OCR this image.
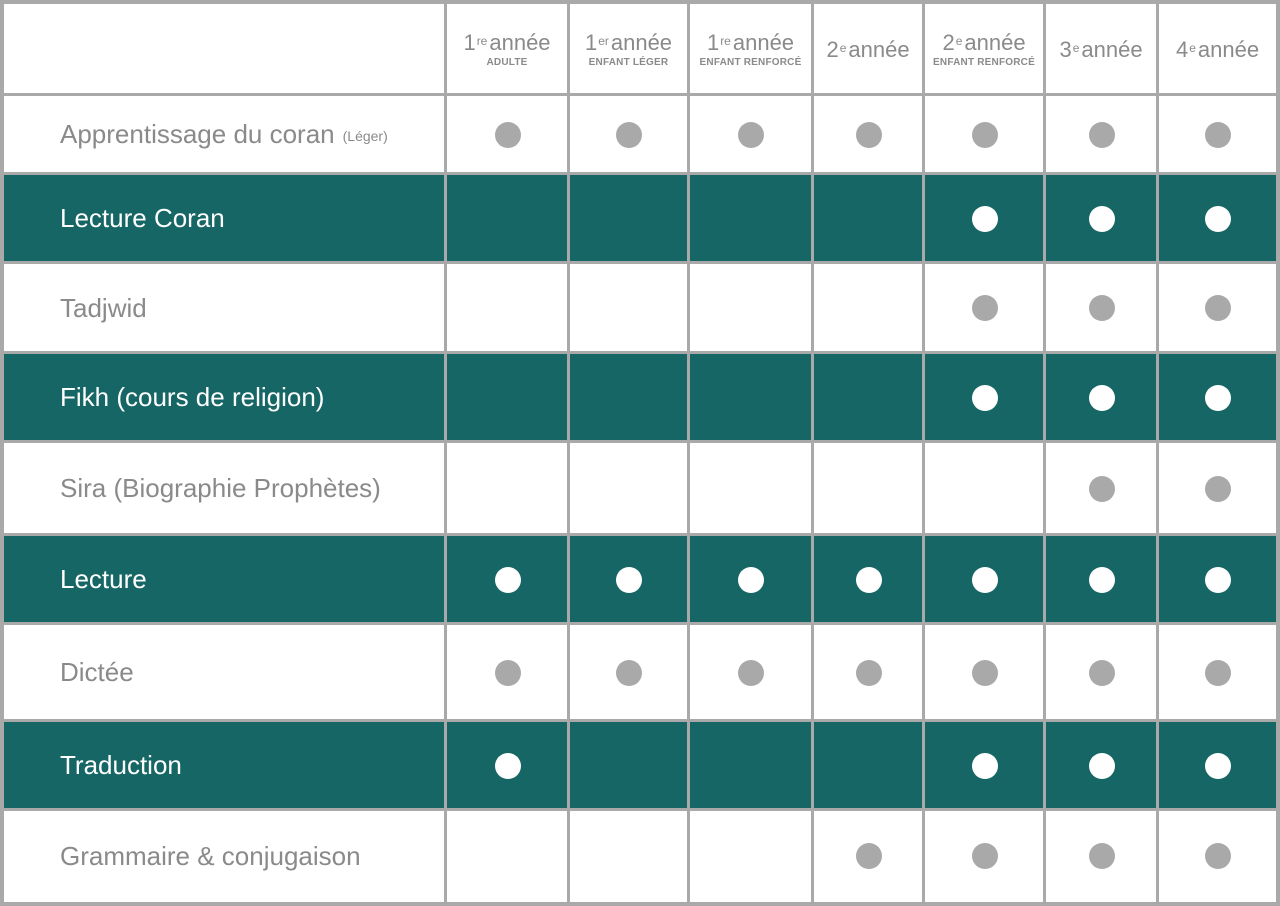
Apprentissage du coran (Léger)
Lecture Coran
Tadjwid
Fikh (cours de religion)
Sira (Biographie Prophètes)
Lecture
Dictée
Traduction
Grammaire & conjugaison
1reannée
ADULTE
1erannée
ENFANT LÉGER
1reannée
ENFANT RENFORCÉ
2eannée 2eannée
ENFANT RENFORCÉ
3eannée 4eannée
